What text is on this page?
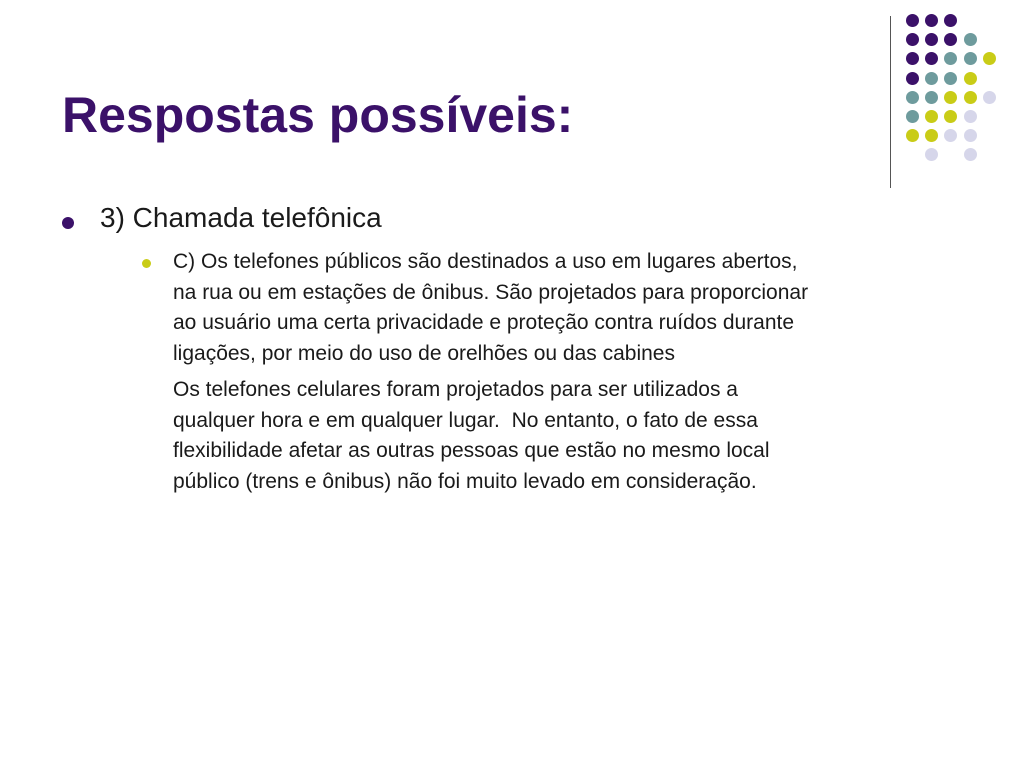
Respostas possíveis:
3) Chamada telefônica

C) Os telefones públicos são destinados a uso em lugares abertos,
na rua ou em estações de ônibus. São projetados para proporcionar
ao usuário uma certa privacidade e proteção contra ruídos durante
ligações, por meio do uso de orelhões ou das cabines

Os telefones celulares foram projetados para ser utilizados a
qualquer hora e em qualquer lugar.  No entanto, o fato de essa
flexibilidade afetar as outras pessoas que estão no mesmo local
público (trens e ônibus) não foi muito levado em consideração.
